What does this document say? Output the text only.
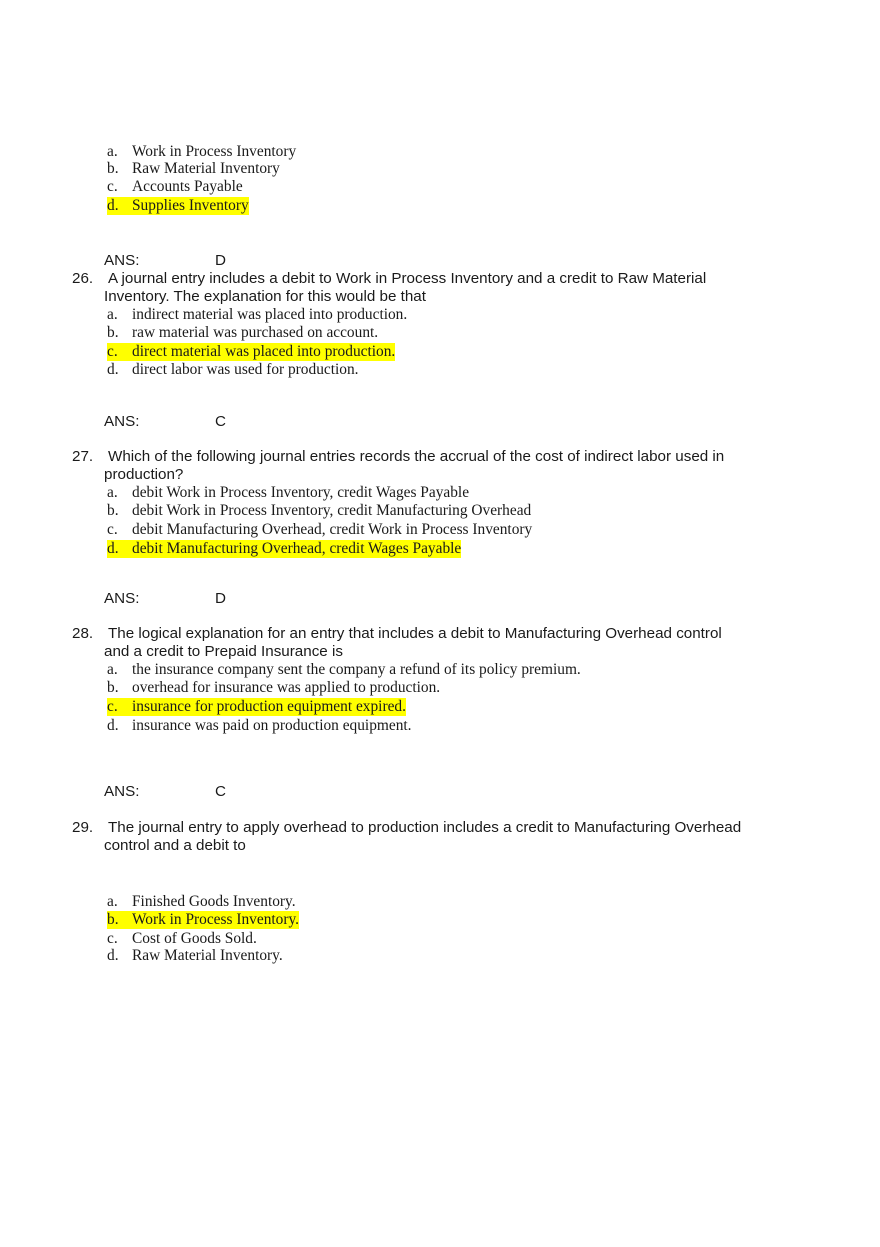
a. Work in Process Inventory
b. Raw Material Inventory
c. Accounts Payable
d. Supplies Inventory
ANS:	D
26. A journal entry includes a debit to Work in Process Inventory and a credit to Raw Material
Inventory. The explanation for this would be that
a. indirect material was placed into production.
b. raw material was purchased on account.
c. direct material was placed into production.
d. direct labor was used for production.
ANS:	C
27. Which of the following journal entries records the accrual of the cost of indirect labor used in
production?
a. debit Work in Process Inventory, credit Wages Payable
b. debit Work in Process Inventory, credit Manufacturing Overhead
c. debit Manufacturing Overhead, credit Work in Process Inventory
d. debit Manufacturing Overhead, credit Wages Payable
ANS:	D
28. The logical explanation for an entry that includes a debit to Manufacturing Overhead control
and a credit to Prepaid Insurance is
a. the insurance company sent the company a refund of its policy premium.
b. overhead for insurance was applied to production.
c. insurance for production equipment expired.
d. insurance was paid on production equipment.
ANS:	C
29. The journal entry to apply overhead to production includes a credit to Manufacturing Overhead
control and a debit to
a. Finished Goods Inventory.
b. Work in Process Inventory.
c. Cost of Goods Sold.
d. Raw Material Inventory.
